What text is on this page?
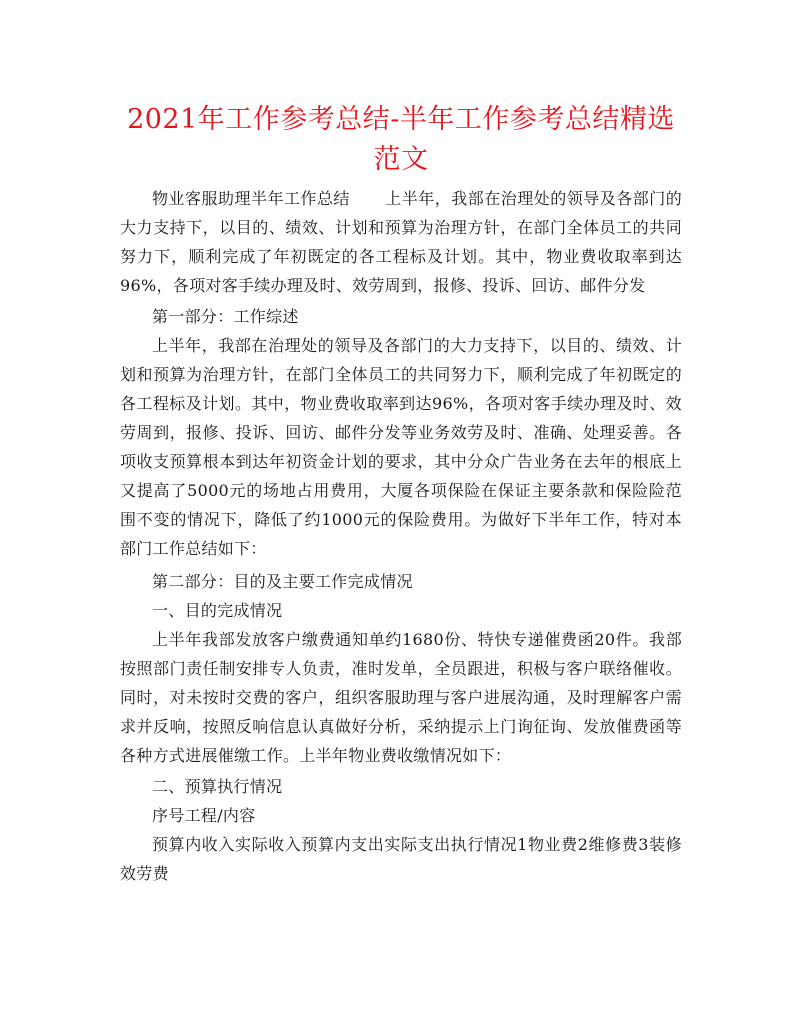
2021年工作参考总结-半年工作参考总结精选范文

物业客服助理半年工作总结 上半年，我部在治理处的领导及各部门的大力支持下，以目的、绩效、计划和预算为治理方针，在部门全体员工的共同努力下，顺利完成了年初既定的各工程标及计划。其中，物业费收取率到达96%，各项对客手续办理及时、效劳周到，报修、投诉、回访、邮件分发

第一部分：工作综述

上半年，我部在治理处的领导及各部门的大力支持下，以目的、绩效、计划和预算为治理方针，在部门全体员工的共同努力下，顺利完成了年初既定的各工程标及计划。其中，物业费收取率到达96%，各项对客手续办理及时、效劳周到，报修、投诉、回访、邮件分发等业务效劳及时、准确、处理妥善。各项收支预算根本到达年初资金计划的要求，其中分众广告业务在去年的根底上又提高了5000元的场地占用费用，大厦各项保险在保证主要条款和保险险范围不变的情况下，降低了约1000元的保险费用。为做好下半年工作，特对本部门工作总结如下：

第二部分：目的及主要工作完成情况

一、目的完成情况

上半年我部发放客户缴费通知单约1680份、特快专递催费函20件。我部按照部门责任制安排专人负责，准时发单，全员跟进，积极与客户联络催收。同时，对未按时交费的客户，组织客服助理与客户进展沟通，及时理解客户需求并反响，按照反响信息认真做好分析，采纳提示上门询征询、发放催费函等各种方式进展催缴工作。上半年物业费收缴情况如下：

二、预算执行情况

序号工程/内容

预算内收入实际收入预算内支出实际支出执行情况1物业费2维修费3装修效劳费
